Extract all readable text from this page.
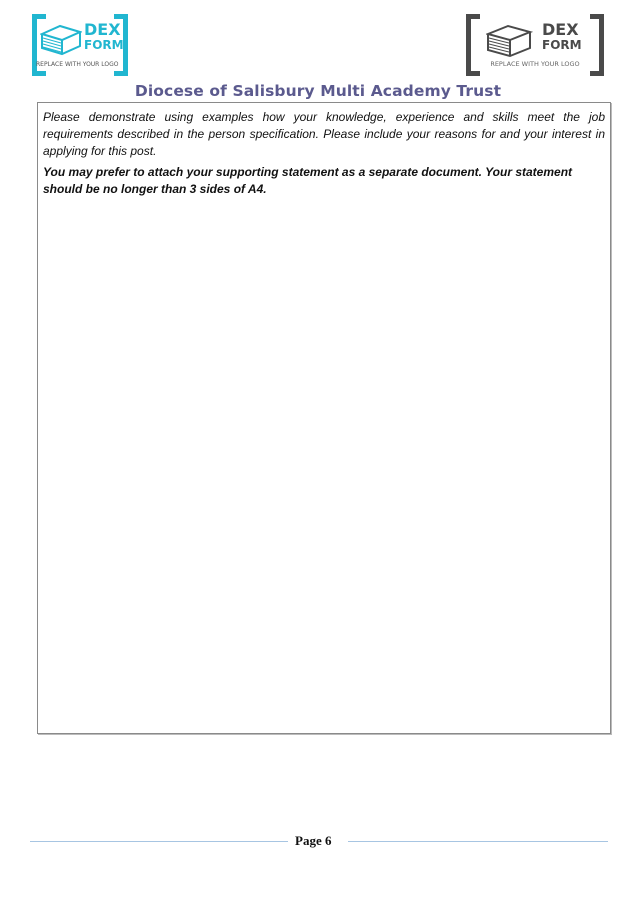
DEX
FORM
REPLACE WITH YOUR LOGO
DEX
FORM
REPLACE WITH YOUR LOGO
Diocese of Salisbury Multi Academy Trust

Please demonstrate using examples how your knowledge, experience and skills meet the job requirements described in the person specification. Please include your reasons for and your interest in applying for this post.

You may prefer to attach your supporting statement as a separate document. Your statement should be no longer than 3 sides of A4.

Page 6
